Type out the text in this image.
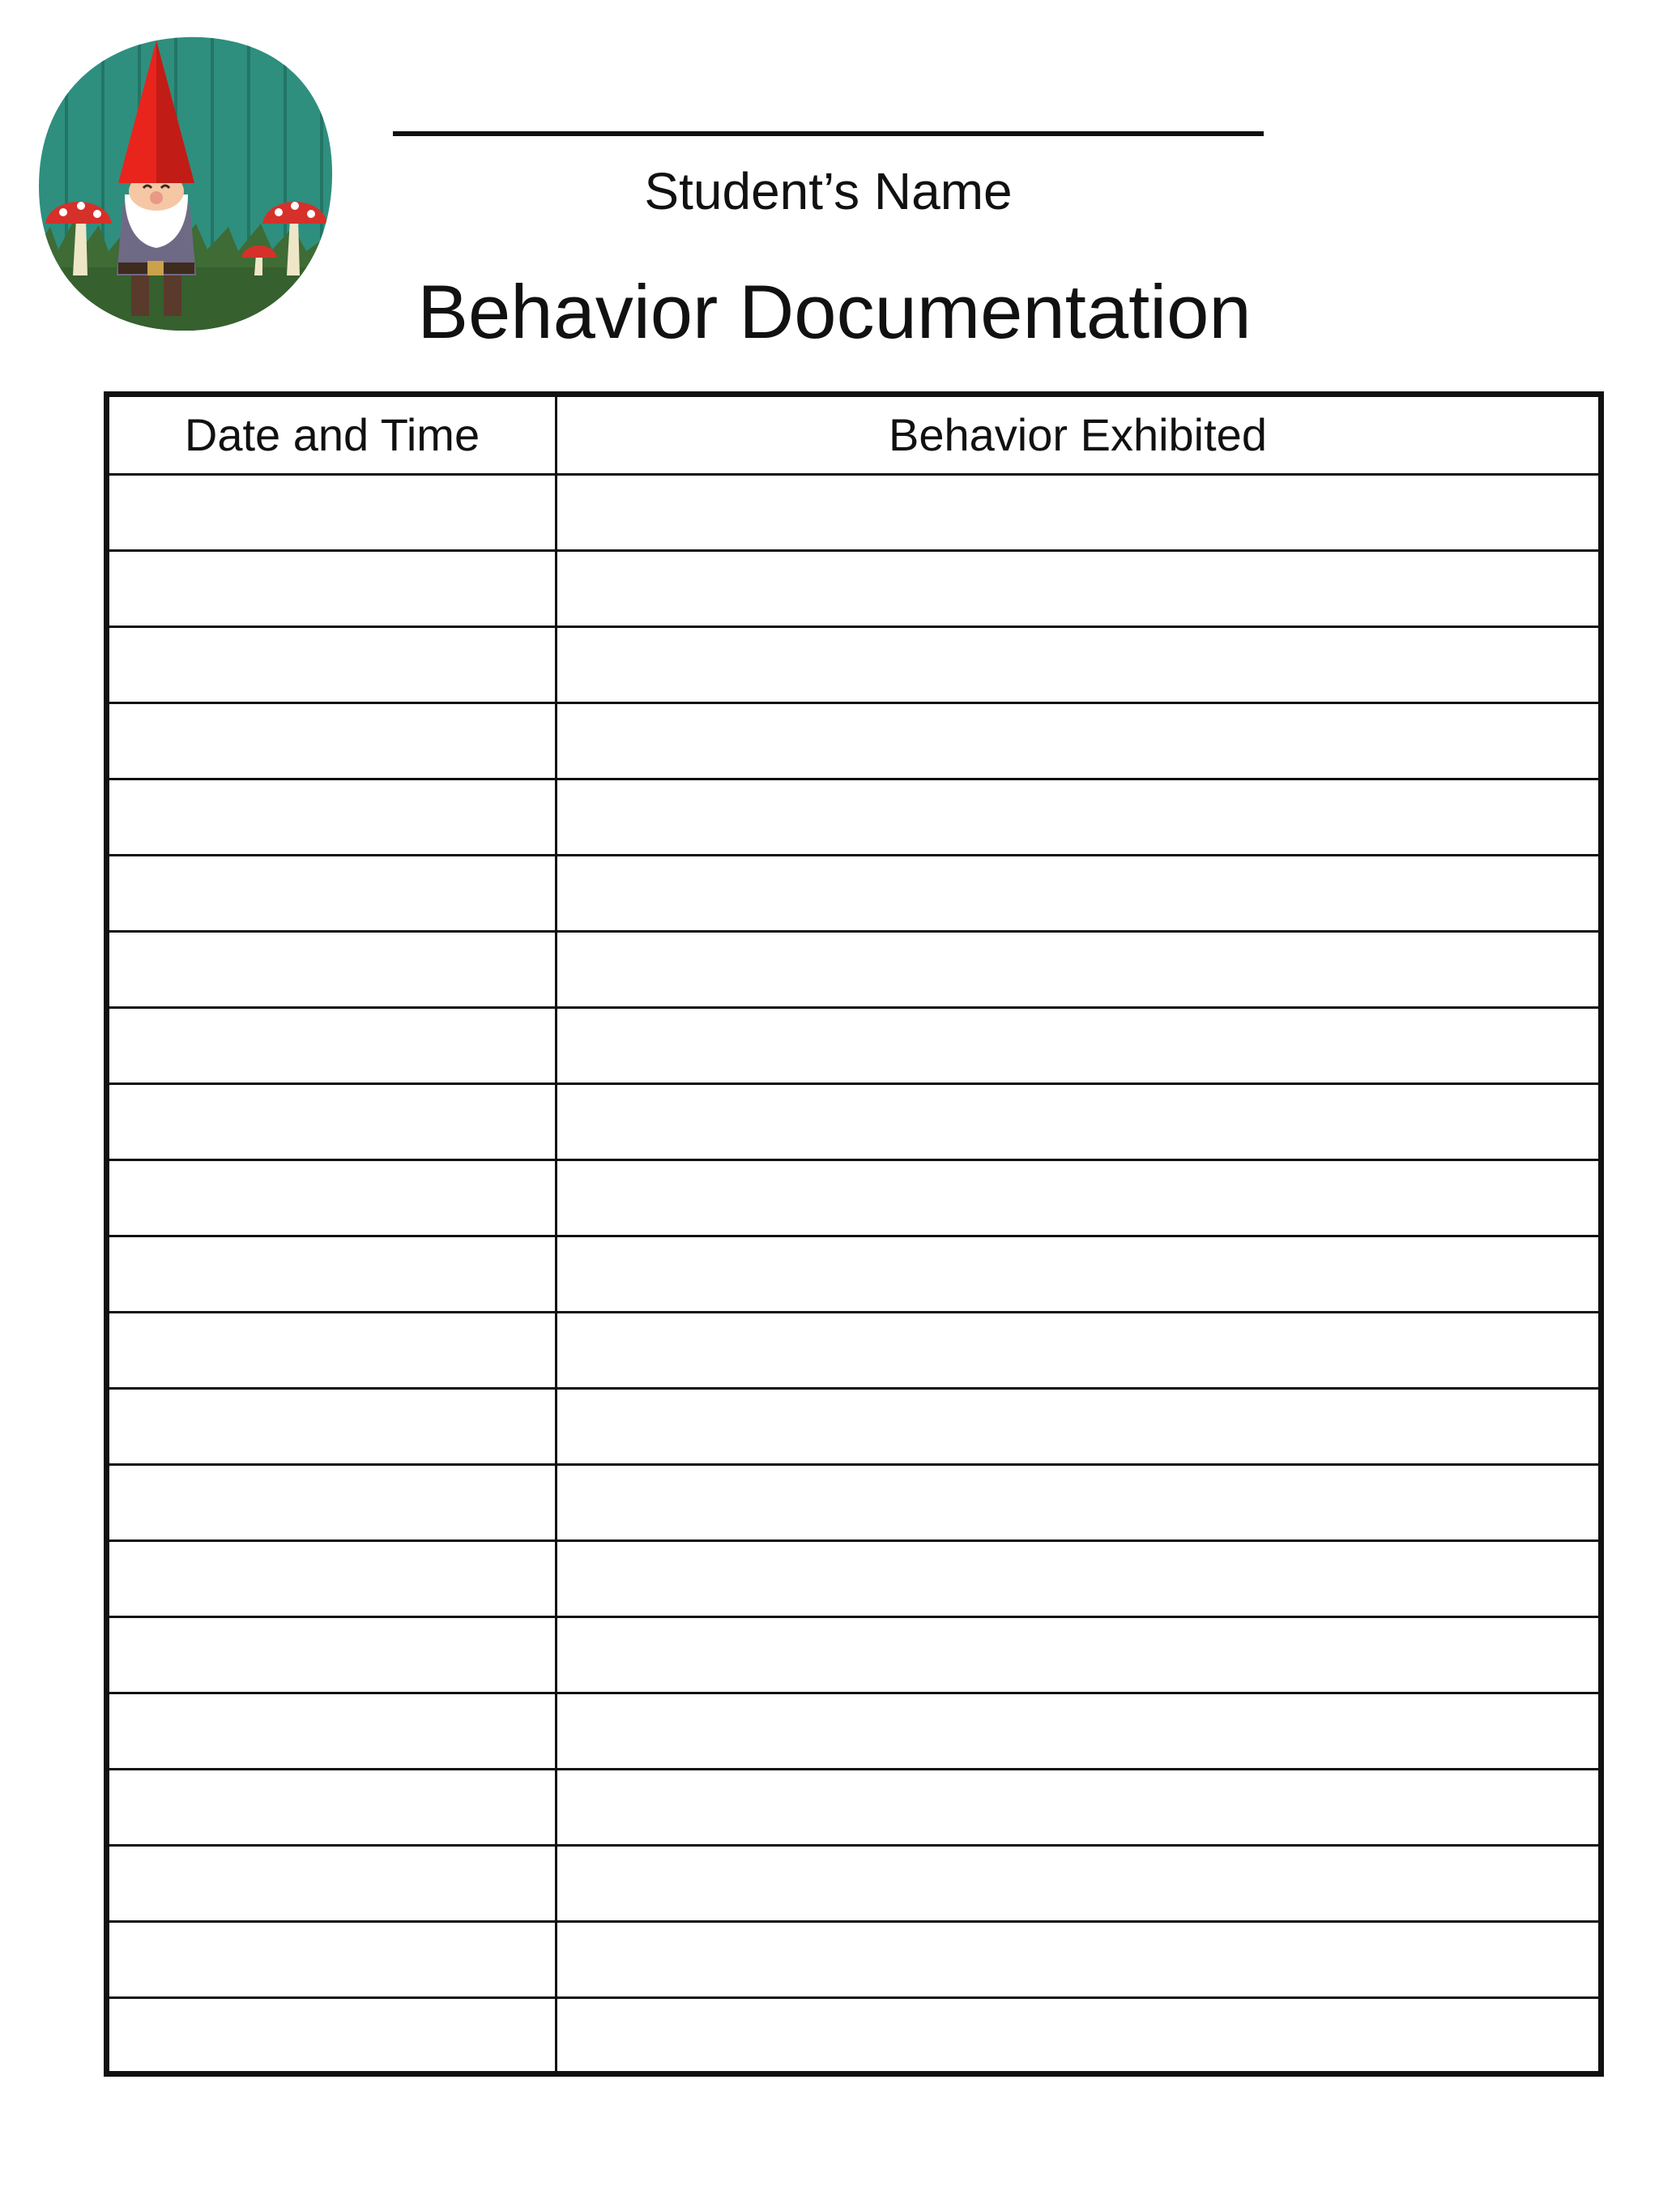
Student’s Name
Behavior Documentation
Date and Time	Behavior Exhibited
